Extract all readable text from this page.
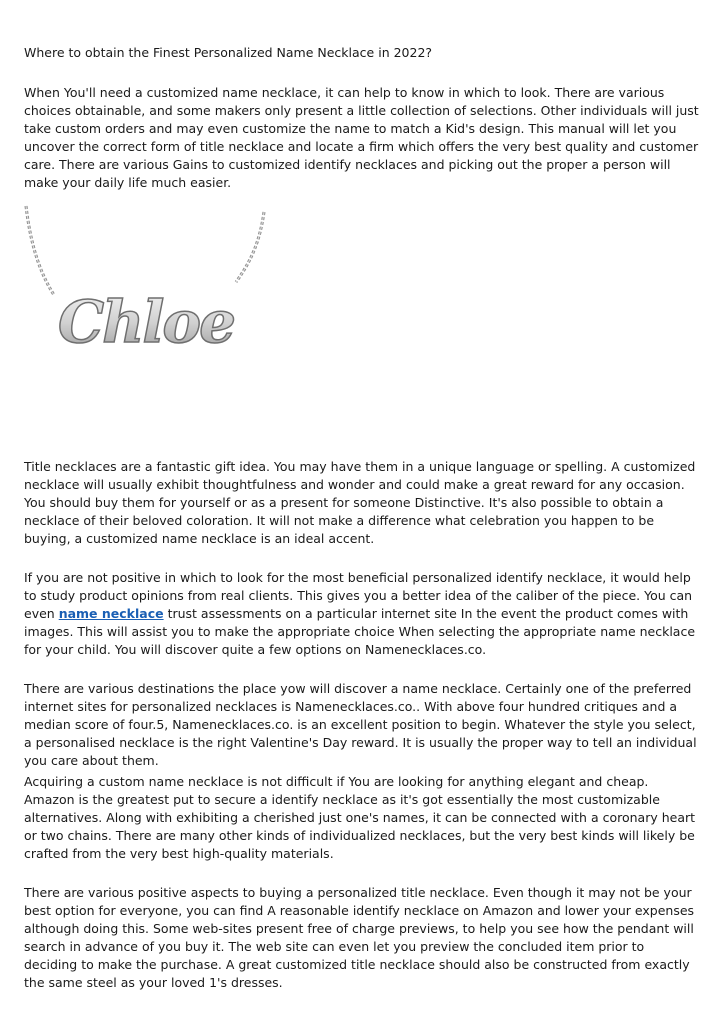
Where to obtain the Finest Personalized Name Necklace in 2022?

When You'll need a customized name necklace, it can help to know in which to look. There are various choices obtainable, and some makers only present a little collection of selections. Other individuals will just take custom orders and may even customize the name to match a Kid's design. This manual will let you uncover the correct form of title necklace and locate a firm which offers the very best quality and customer care. There are various Gains to customized identify necklaces and picking out the proper a person will make your daily life much easier.

Chloe

Title necklaces are a fantastic gift idea. You may have them in a unique language or spelling. A customized necklace will usually exhibit thoughtfulness and wonder and could make a great reward for any occasion. You should buy them for yourself or as a present for someone Distinctive. It's also possible to obtain a necklace of their beloved coloration. It will not make a difference what celebration you happen to be buying, a customized name necklace is an ideal accent.

If you are not positive in which to look for the most beneficial personalized identify necklace, it would help to study product opinions from real clients. This gives you a better idea of the caliber of the piece. You can even name necklace trust assessments on a particular internet site In the event the product comes with images. This will assist you to make the appropriate choice When selecting the appropriate name necklace for your child. You will discover quite a few options on Namenecklaces.co.

There are various destinations the place yow will discover a name necklace. Certainly one of the preferred internet sites for personalized necklaces is Namenecklaces.co.. With above four hundred critiques and a median score of four.5, Namenecklaces.co. is an excellent position to begin. Whatever the style you select, a personalised necklace is the right Valentine's Day reward. It is usually the proper way to tell an individual you care about them.

Acquiring a custom name necklace is not difficult if You are looking for anything elegant and cheap. Amazon is the greatest put to secure a identify necklace as it's got essentially the most customizable alternatives. Along with exhibiting a cherished just one's names, it can be connected with a coronary heart or two chains. There are many other kinds of individualized necklaces, but the very best kinds will likely be crafted from the very best high-quality materials.

There are various positive aspects to buying a personalized title necklace. Even though it may not be your best option for everyone, you can find A reasonable identify necklace on Amazon and lower your expenses although doing this. Some web-sites present free of charge previews, to help you see how the pendant will search in advance of you buy it. The web site can even let you preview the concluded item prior to deciding to make the purchase. A great customized title necklace should also be constructed from exactly the same steel as your loved 1's dresses.
